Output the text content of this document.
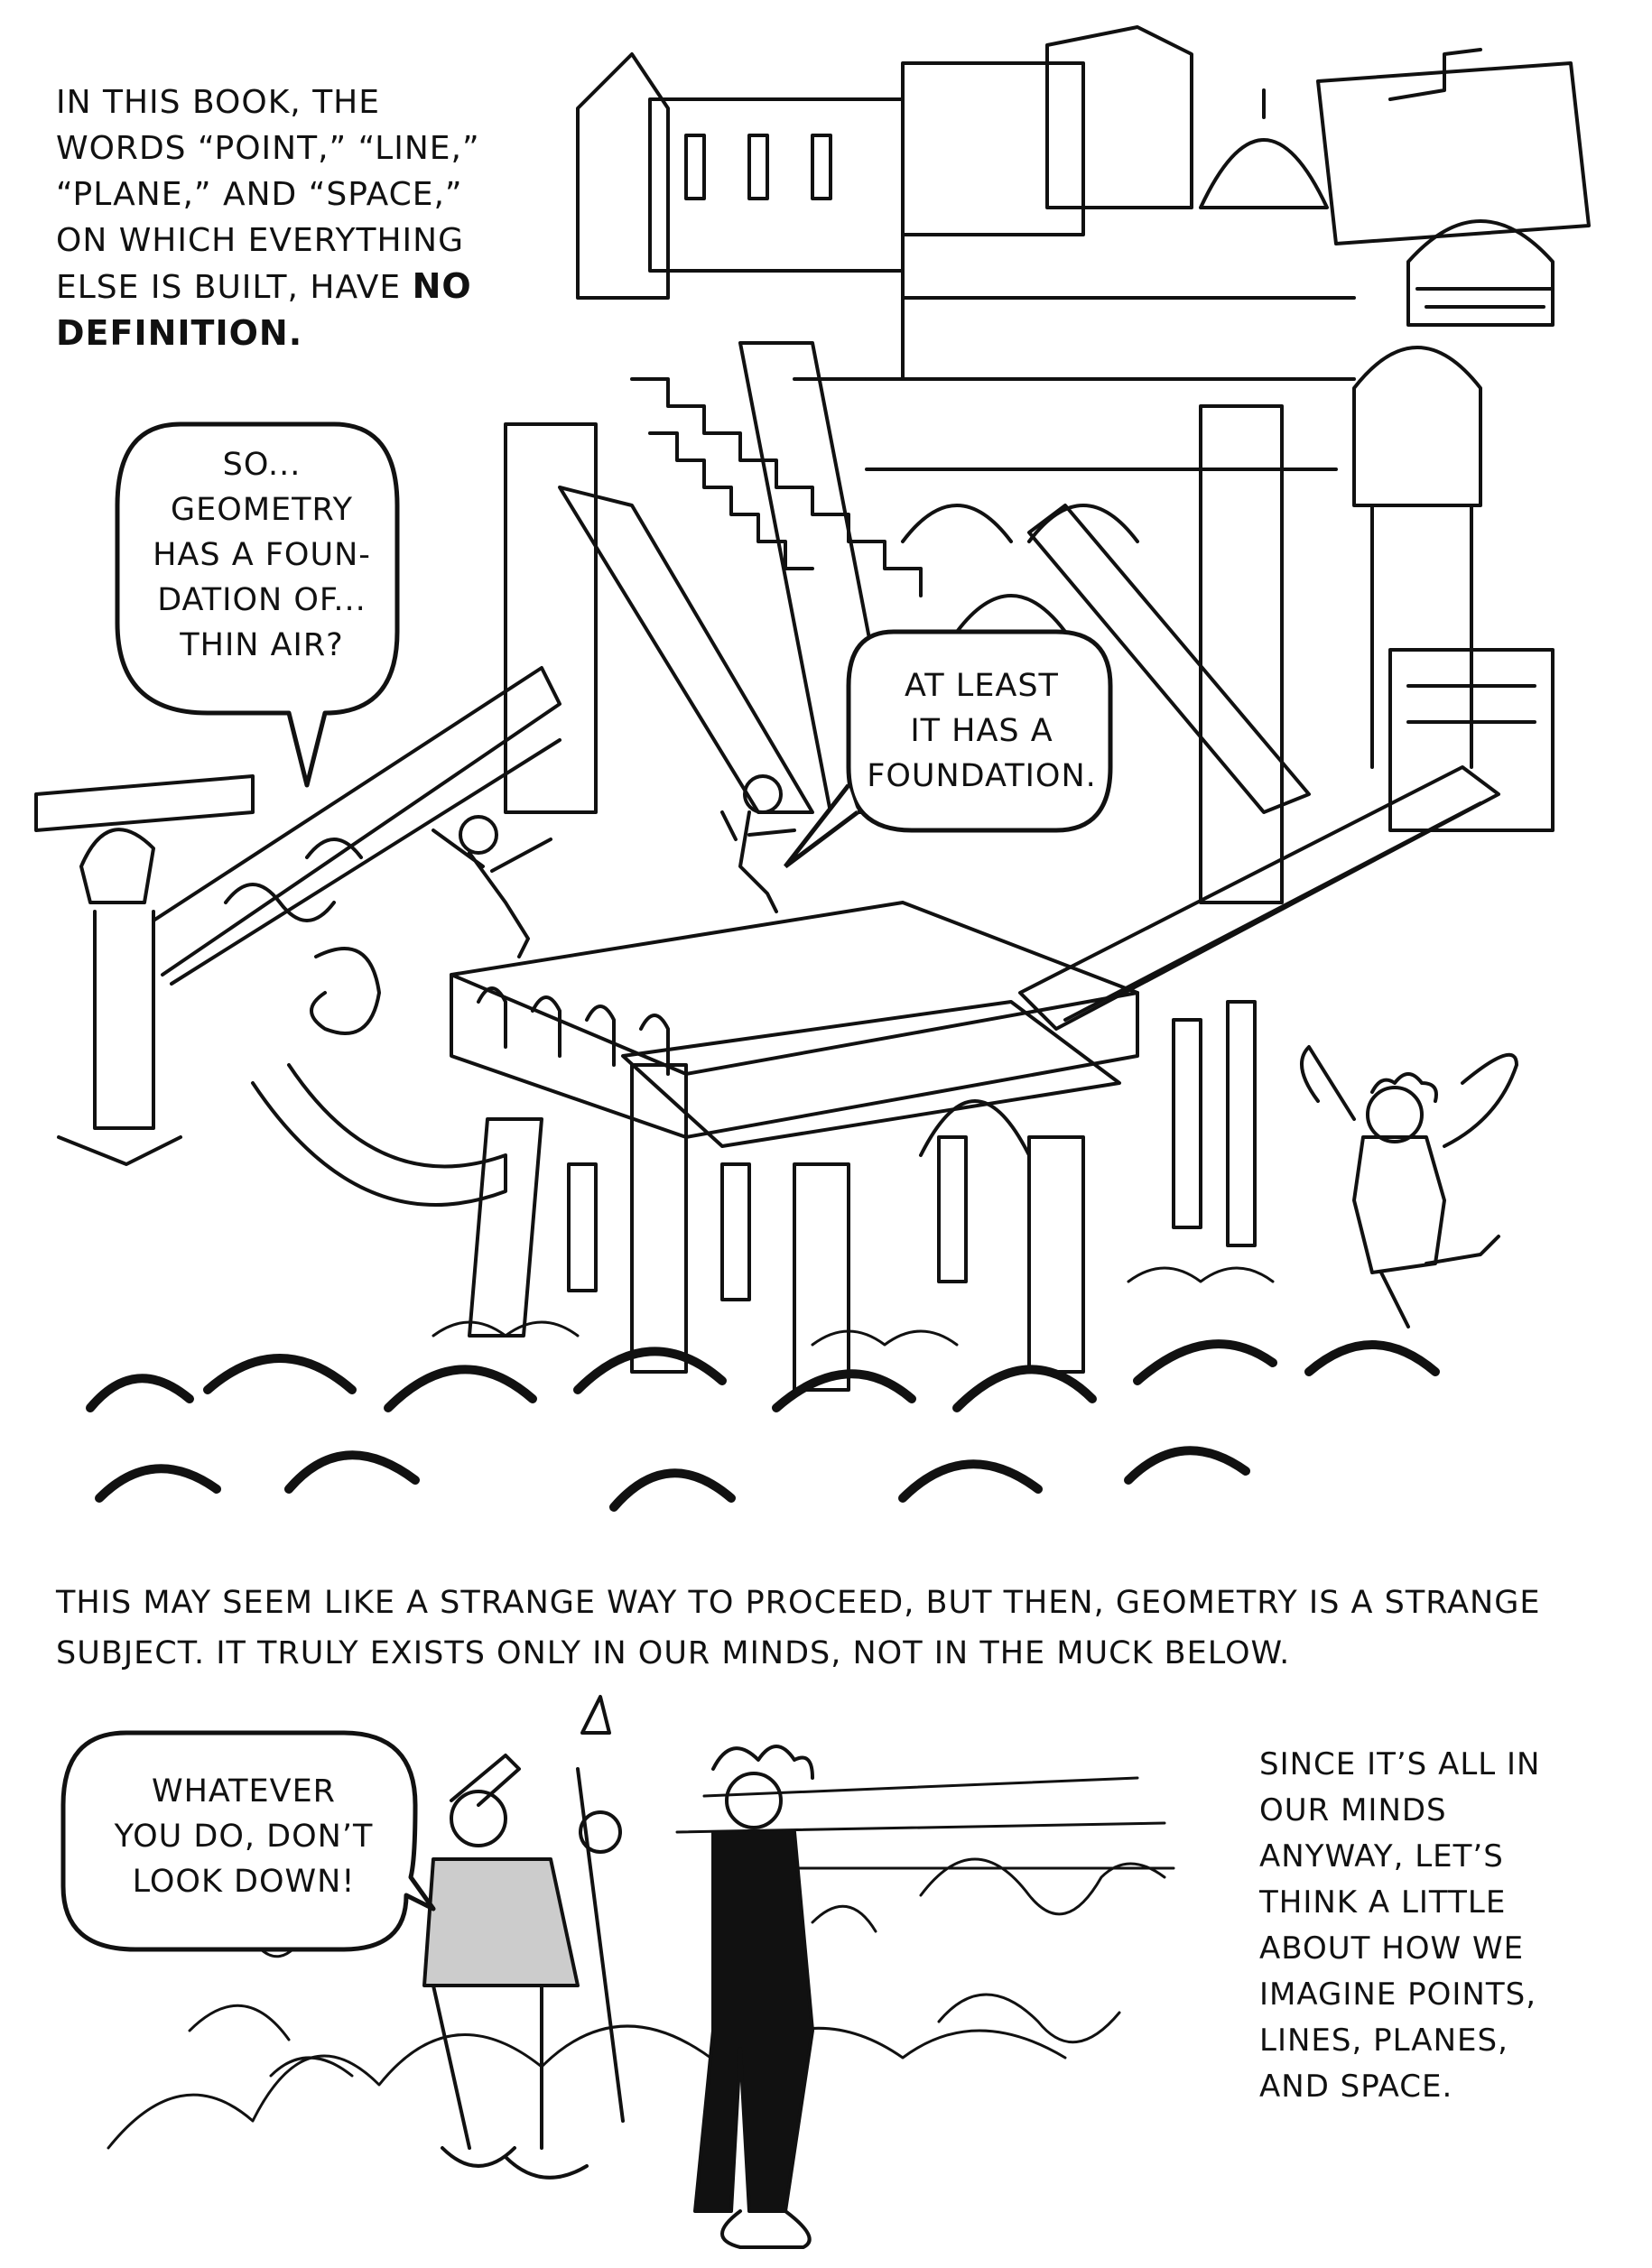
IN THIS BOOK, THE WORDS “POINT,” “LINE,” “PLANE,” AND “SPACE,” ON WHICH EVERYTHING ELSE IS BUILT, HAVE NO DEFINITION.
SO...
GEOMETRY
HAS A FOUN-
DATION OF...
THIN AIR?
AT LEAST
IT HAS A
FOUNDATION.
THIS MAY SEEM LIKE A STRANGE WAY TO PROCEED, BUT THEN, GEOMETRY IS A STRANGE SUBJECT. IT TRULY EXISTS ONLY IN OUR MINDS, NOT IN THE MUCK BELOW.
WHATEVER
YOU DO, DON’T
LOOK DOWN!
SINCE IT’S ALL IN OUR MINDS ANYWAY, LET’S THINK A LITTLE ABOUT HOW WE IMAGINE POINTS, LINES, PLANES, AND SPACE.
